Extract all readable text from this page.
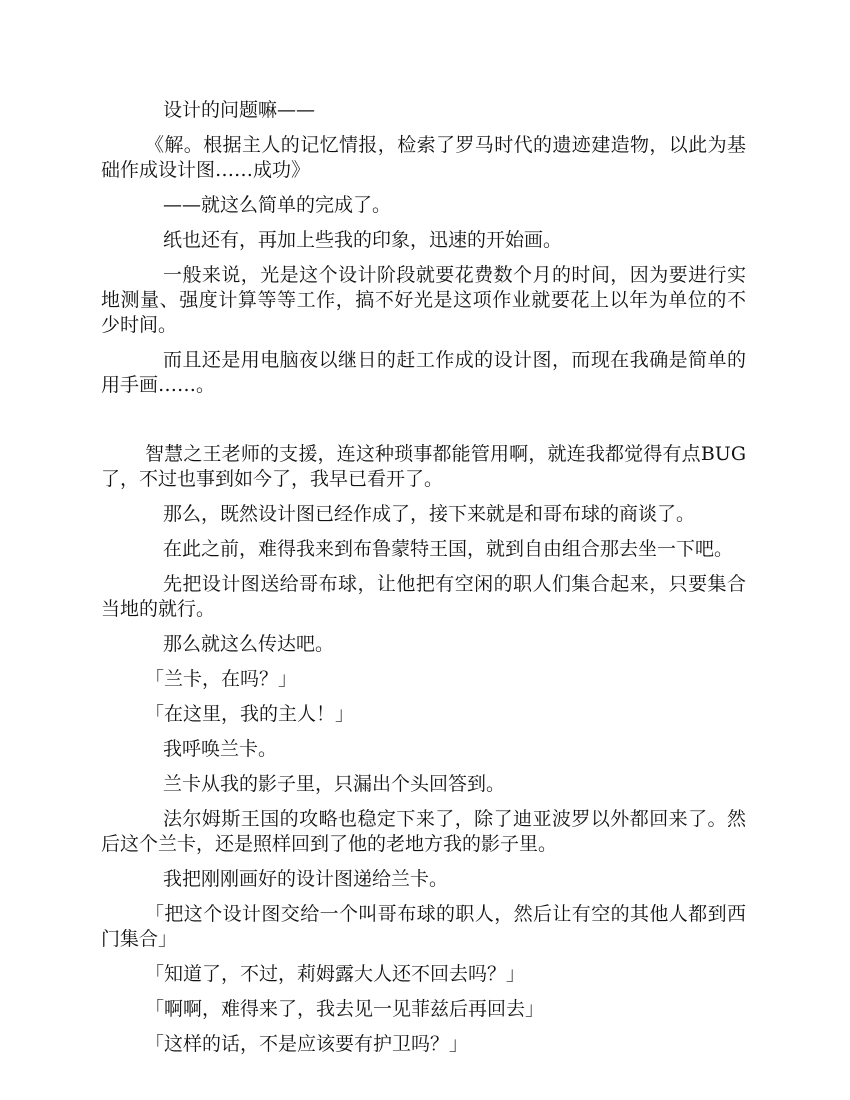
设计的问题嘛——

《解。根据主人的记忆情报，检索了罗马时代的遗迹建造物，以此为基础作成设计图……成功》

——就这么简单的完成了。

纸也还有，再加上些我的印象，迅速的开始画。

一般来说，光是这个设计阶段就要花费数个月的时间，因为要进行实地测量、强度计算等等工作，搞不好光是这项作业就要花上以年为单位的不少时间。

而且还是用电脑夜以继日的赶工作成的设计图，而现在我确是简单的用手画……。

智慧之王老师的支援，连这种琐事都能管用啊，就连我都觉得有点BUG了，不过也事到如今了，我早已看开了。

那么，既然设计图已经作成了，接下来就是和哥布球的商谈了。

在此之前，难得我来到布鲁蒙特王国，就到自由组合那去坐一下吧。

先把设计图送给哥布球，让他把有空闲的职人们集合起来，只要集合当地的就行。

那么就这么传达吧。

「兰卡，在吗？」

「在这里，我的主人！」

我呼唤兰卡。

兰卡从我的影子里，只漏出个头回答到。

法尔姆斯王国的攻略也稳定下来了，除了迪亚波罗以外都回来了。然后这个兰卡，还是照样回到了他的老地方我的影子里。

我把刚刚画好的设计图递给兰卡。

「把这个设计图交给一个叫哥布球的职人，然后让有空的其他人都到西门集合」

「知道了，不过，莉姆露大人还不回去吗？」

「啊啊，难得来了，我去见一见菲兹后再回去」

「这样的话，不是应该要有护卫吗？」
